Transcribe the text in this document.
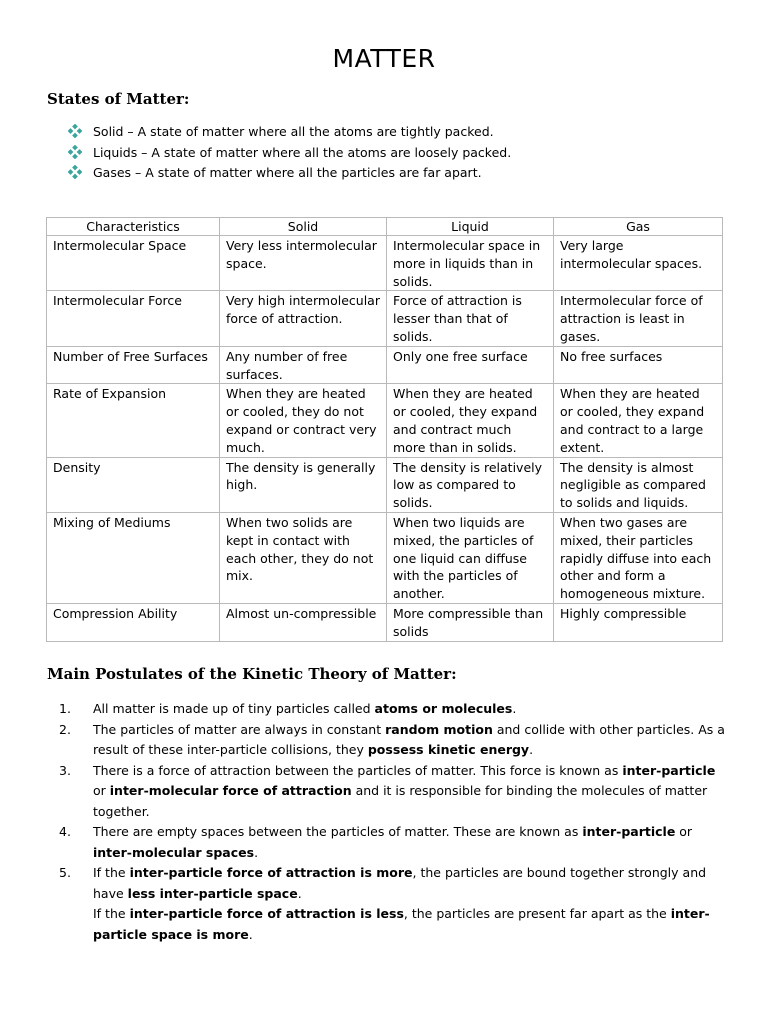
MATTER
States of Matter:
Solid – A state of matter where all the atoms are tightly packed.
Liquids – A state of matter where all the atoms are loosely packed.
Gases – A state of matter where all the particles are far apart.
Characteristics	Solid	Liquid	Gas
Intermolecular Space	Very less intermolecular space.	Intermolecular space in more in liquids than in solids.	Very large intermolecular spaces.
Intermolecular Force	Very high intermolecular force of attraction.	Force of attraction is lesser than that of solids.	Intermolecular force of attraction is least in gases.
Number of Free Surfaces	Any number of free surfaces.	Only one free surface	No free surfaces
Rate of Expansion	When they are heated or cooled, they do not expand or contract very much.	When they are heated or cooled, they expand and contract much more than in solids.	When they are heated or cooled, they expand and contract to a large extent.
Density	The density is generally high.	The density is relatively low as compared to solids.	The density is almost negligible as compared to solids and liquids.
Mixing of Mediums	When two solids are kept in contact with each other, they do not mix.	When two liquids are mixed, the particles of one liquid can diffuse with the particles of another.	When two gases are mixed, their particles rapidly diffuse into each other and form a homogeneous mixture.
Compression Ability	Almost un-compressible	More compressible than solids	Highly compressible
Main Postulates of the Kinetic Theory of Matter:
1.	All matter is made up of tiny particles called atoms or molecules.
2.	The particles of matter are always in constant random motion and collide with other particles. As a result of these inter-particle collisions, they possess kinetic energy.
3.	There is a force of attraction between the particles of matter. This force is known as inter-particle or inter-molecular force of attraction and it is responsible for binding the molecules of matter together.
4.	There are empty spaces between the particles of matter. These are known as inter-particle or inter-molecular spaces.
5.	If the inter-particle force of attraction is more, the particles are bound together strongly and have less inter-particle space.
If the inter-particle force of attraction is less, the particles are present far apart as the inter-particle space is more.
